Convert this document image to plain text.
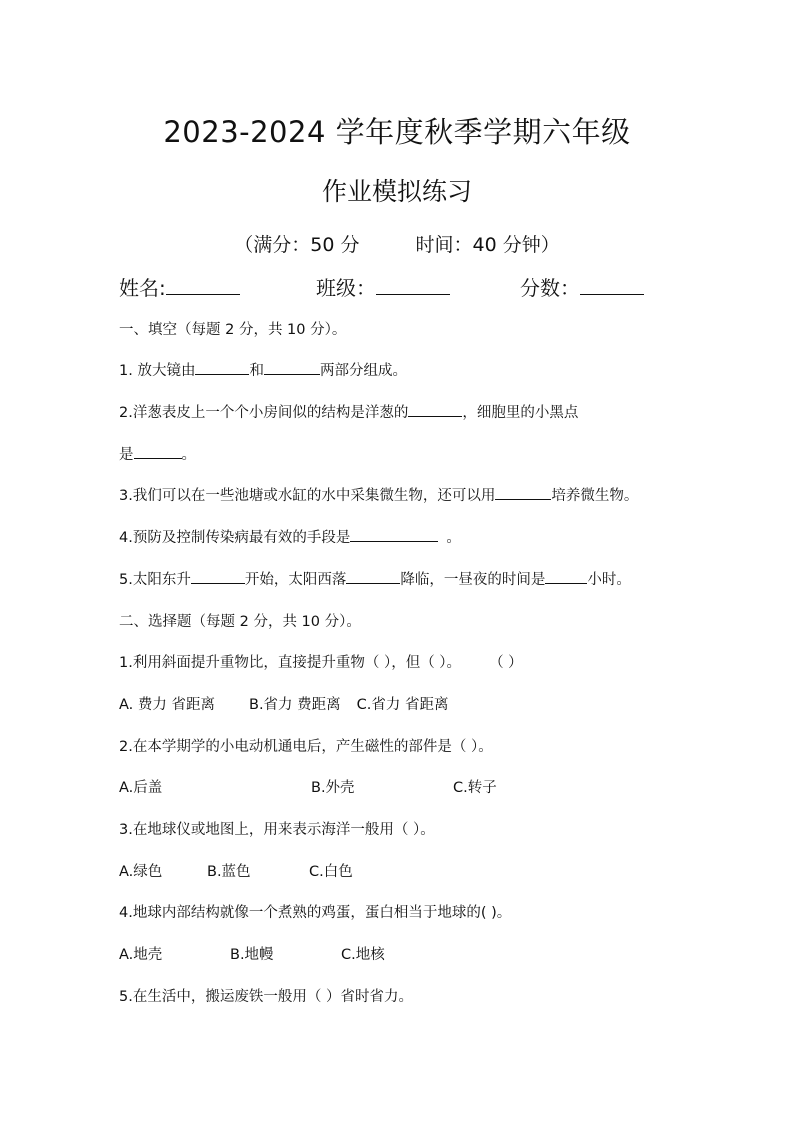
2023-2024 学年度秋季学期六年级
作业模拟练习
（满分：50 分	时间：40 分钟）
姓名:	班级：	分数：
一、填空（每题 2 分，共 10 分）。
1. 放大镜由	和	两部分组成。
2.洋葱表皮上一个个小房间似的结构是洋葱的	，细胞里的小黑点
是	。
3.我们可以在一些池塘或水缸的水中采集微生物，还可以用	培养微生物。
4.预防及控制传染病最有效的手段是	。
5.太阳东升	开始，太阳西落	降临，一昼夜的时间是	小时。
二、选择题（每题 2 分，共 10 分）。
1.利用斜面提升重物比，直接提升重物（ ），但（ ）。 （ ）
A. 费力 省距离 B.省力 费距离 C.省力 省距离
2.在本学期学的小电动机通电后，产生磁性的部件是（ ）。
A.后盖	B.外壳	C.转子
3.在地球仪或地图上，用来表示海洋一般用（ ）。
A.绿色	B.蓝色	C.白色
4.地球内部结构就像一个煮熟的鸡蛋，蛋白相当于地球的( )。
A.地壳	B.地幔	C.地核
5.在生活中，搬运废铁一般用（ ）省时省力。
